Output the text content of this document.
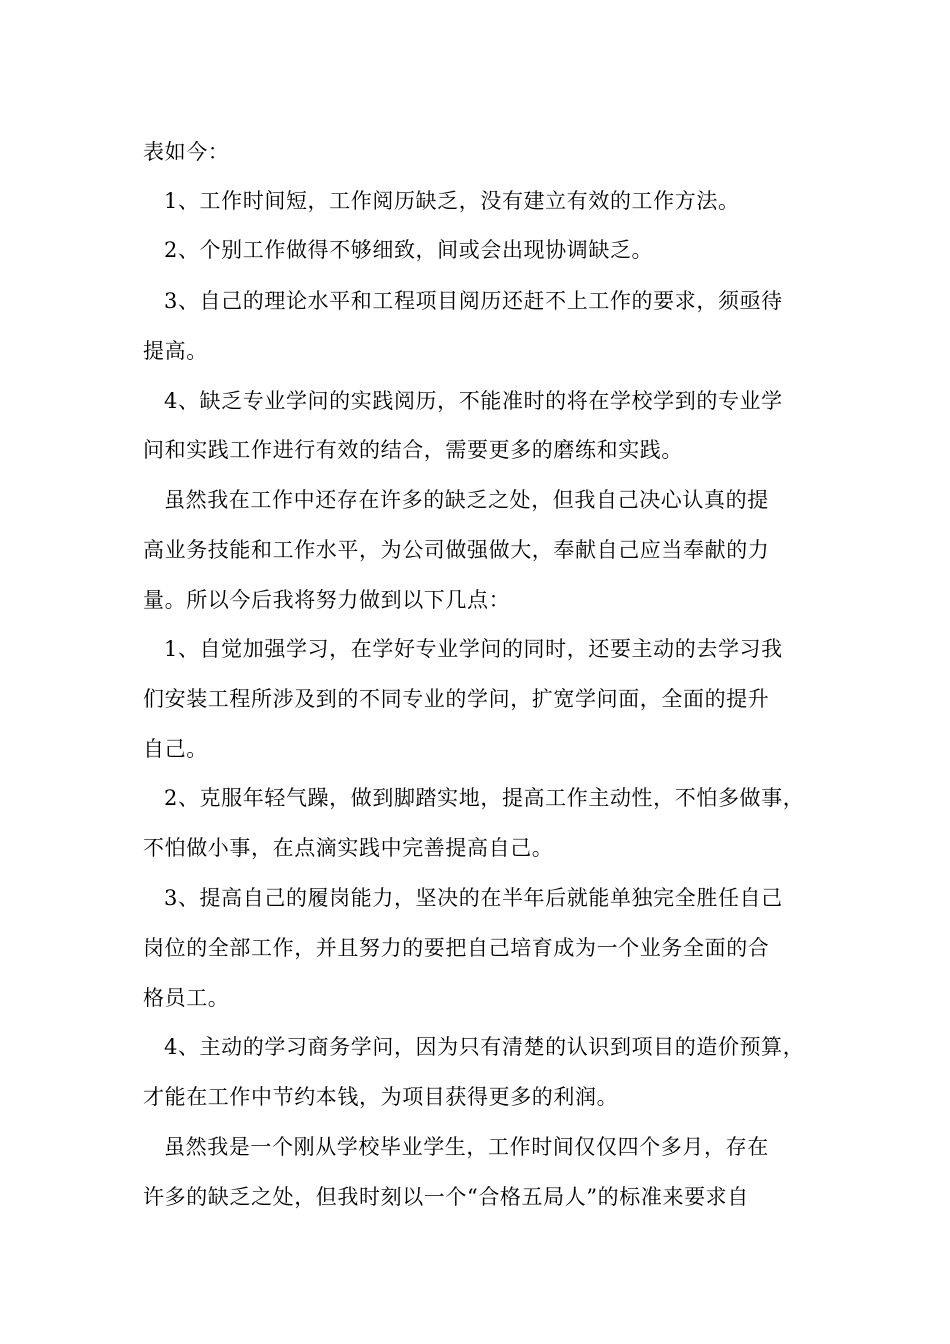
表如今：
1、工作时间短，工作阅历缺乏，没有建立有效的工作方法。
2、个别工作做得不够细致，间或会出现协调缺乏。
3、自己的理论水平和工程项目阅历还赶不上工作的要求，须亟待
提高。
4、缺乏专业学问的实践阅历，不能准时的将在学校学到的专业学
问和实践工作进行有效的结合，需要更多的磨练和实践。
虽然我在工作中还存在许多的缺乏之处，但我自己决心认真的提
高业务技能和工作水平，为公司做强做大，奉献自己应当奉献的力
量。所以今后我将努力做到以下几点：
1、自觉加强学习，在学好专业学问的同时，还要主动的去学习我
们安装工程所涉及到的不同专业的学问，扩宽学问面，全面的提升
自己。
2、克服年轻气躁，做到脚踏实地，提高工作主动性，不怕多做事，
不怕做小事，在点滴实践中完善提高自己。
3、提高自己的履岗能力，坚决的在半年后就能单独完全胜任自己
岗位的全部工作，并且努力的要把自己培育成为一个业务全面的合
格员工。
4、主动的学习商务学问，因为只有清楚的认识到项目的造价预算，
才能在工作中节约本钱，为项目获得更多的利润。
虽然我是一个刚从学校毕业学生，工作时间仅仅四个多月，存在
许多的缺乏之处，但我时刻以一个“合格五局人”的标准来要求自
